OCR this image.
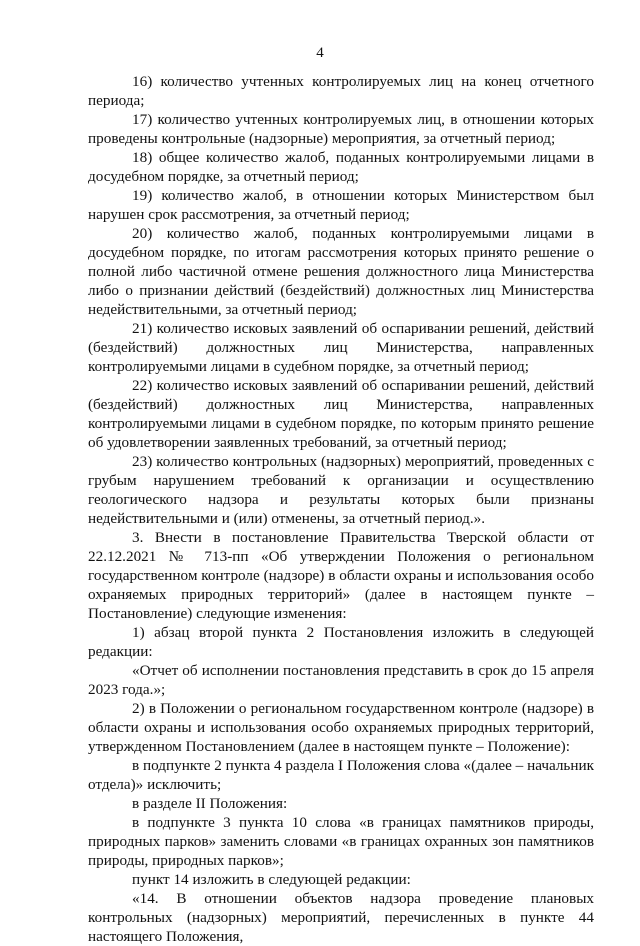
4

16) количество учтенных контролируемых лиц на конец отчетного периода;

17) количество учтенных контролируемых лиц, в отношении которых проведены контрольные (надзорные) мероприятия, за отчетный период;

18) общее количество жалоб, поданных контролируемыми лицами в досудебном порядке, за отчетный период;

19) количество жалоб, в отношении которых Министерством был нарушен срок рассмотрения, за отчетный период;

20) количество жалоб, поданных контролируемыми лицами в досудебном порядке, по итогам рассмотрения которых принято решение о полной либо частичной отмене решения должностного лица Министерства либо о признании действий (бездействий) должностных лиц Министерства недействительными, за отчетный период;

21) количество исковых заявлений об оспаривании решений, действий (бездействий) должностных лиц Министерства, направленных контролируемыми лицами в судебном порядке, за отчетный период;

22) количество исковых заявлений об оспаривании решений, действий (бездействий) должностных лиц Министерства, направленных контролируемыми лицами в судебном порядке, по которым принято решение об удовлетворении заявленных требований, за отчетный период;

23) количество контрольных (надзорных) мероприятий, проведенных с грубым нарушением требований к организации и осуществлению геологического надзора и результаты которых были признаны недействительными и (или) отменены, за отчетный период.».

3. Внести в постановление Правительства Тверской области от 22.12.2021 № 713-пп «Об утверждении Положения о региональном государственном контроле (надзоре) в области охраны и использования особо охраняемых природных территорий» (далее в настоящем пункте – Постановление) следующие изменения:

1) абзац второй пункта 2 Постановления изложить в следующей редакции:

«Отчет об исполнении постановления представить в срок до 15 апреля 2023 года.»;

2) в Положении о региональном государственном контроле (надзоре) в области охраны и использования особо охраняемых природных территорий, утвержденном Постановлением (далее в настоящем пункте – Положение):

в подпункте 2 пункта 4 раздела I Положения слова «(далее – начальник отдела)» исключить;

в разделе II Положения:

в подпункте 3 пункта 10 слова «в границах памятников природы, природных парков» заменить словами «в границах охранных зон памятников природы, природных парков»;

пункт 14 изложить в следующей редакции:

«14. В отношении объектов надзора проведение плановых контрольных (надзорных) мероприятий, перечисленных в пункте 44 настоящего Положения,
